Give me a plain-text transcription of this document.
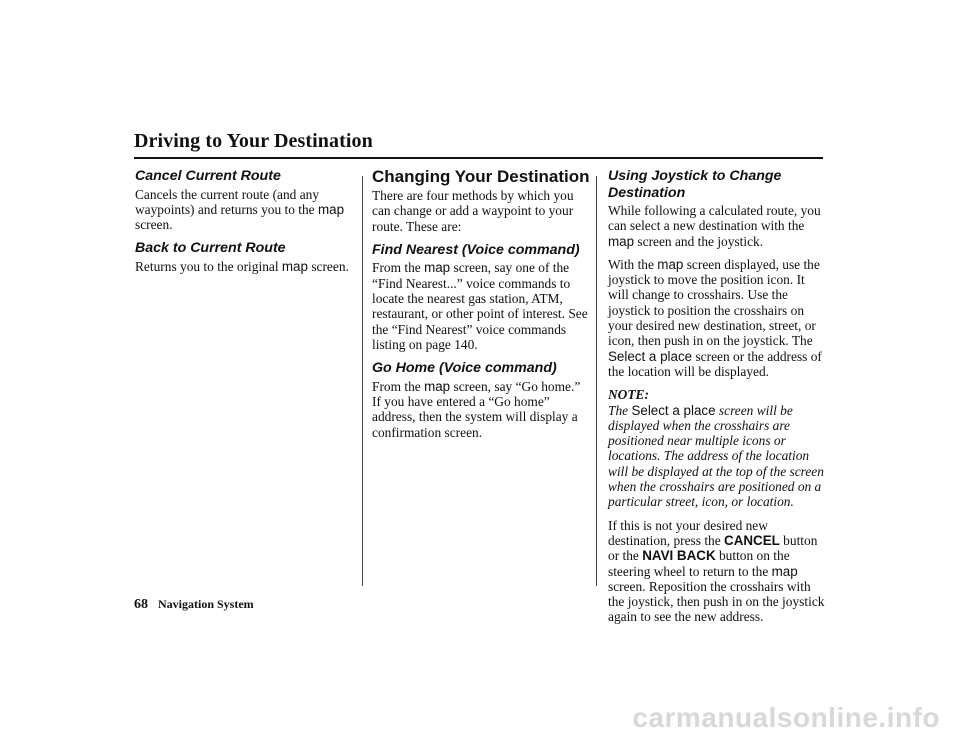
Driving to Your Destination
Cancel Current Route

Cancels the current route (and any waypoints) and returns you to the map screen.

Back to Current Route

Returns you to the original map screen.

Changing Your Destination

There are four methods by which you can change or add a waypoint to your route. These are:

Find Nearest (Voice command)

From the map screen, say one of the “Find Nearest...” voice commands to locate the nearest gas station, ATM, restaurant, or other point of interest. See the “Find Nearest” voice commands listing on page 140.

Go Home (Voice command)

From the map screen, say “Go home.” If you have entered a “Go home” address, then the system will display a confirmation screen.

Using Joystick to Change Destination

While following a calculated route, you can select a new destination with the map screen and the joystick.

With the map screen displayed, use the joystick to move the position icon. It will change to crosshairs. Use the joystick to position the crosshairs on your desired new destination, street, or icon, then push in on the joystick. The Select a place screen or the address of the location will be displayed.

NOTE:
The Select a place screen will be displayed when the crosshairs are positioned near multiple icons or locations. The address of the location will be displayed at the top of the screen when the crosshairs are positioned on a particular street, icon, or location.

If this is not your desired new destination, press the CANCEL button or the NAVI BACK button on the steering wheel to return to the map screen. Reposition the crosshairs with the joystick, then push in on the joystick again to see the new address.

68 Navigation System
carmanualsonline.info
